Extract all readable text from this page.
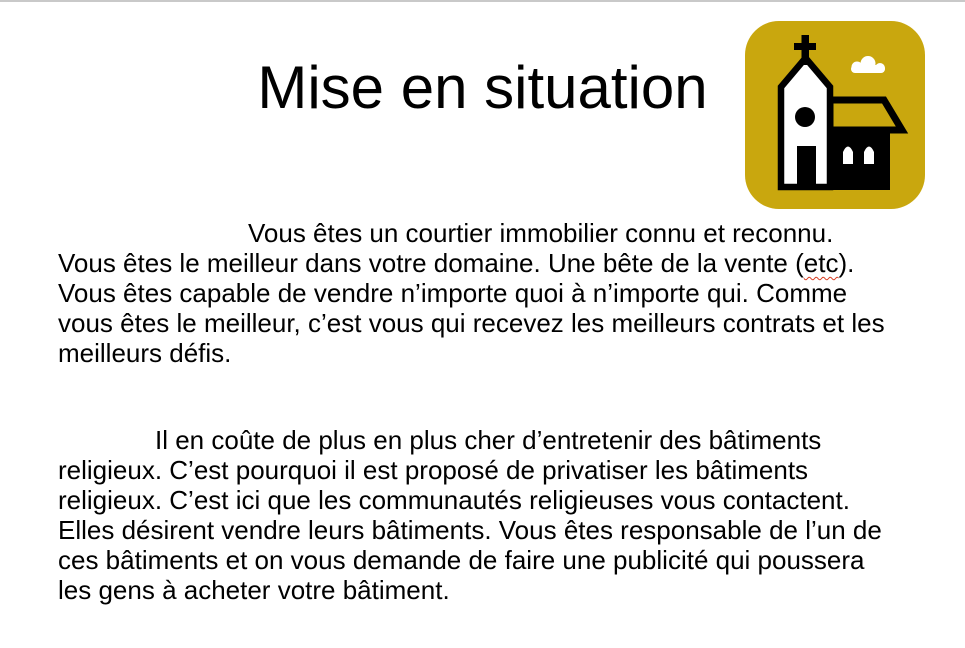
Mise en situation
Vous êtes un courtier immobilier connu et reconnu.
Vous êtes le meilleur dans votre domaine. Une bête de la vente (etc).
Vous êtes capable de vendre n’importe quoi à n’importe qui. Comme
vous êtes le meilleur, c’est vous qui recevez les meilleurs contrats et les
meilleurs défis.
Il en coûte de plus en plus cher d’entretenir des bâtiments
religieux. C’est pourquoi il est proposé de privatiser les bâtiments
religieux. C’est ici que les communautés religieuses vous contactent.
Elles désirent vendre leurs bâtiments. Vous êtes responsable de l’un de
ces bâtiments et on vous demande de faire une publicité qui poussera
les gens à acheter votre bâtiment.
